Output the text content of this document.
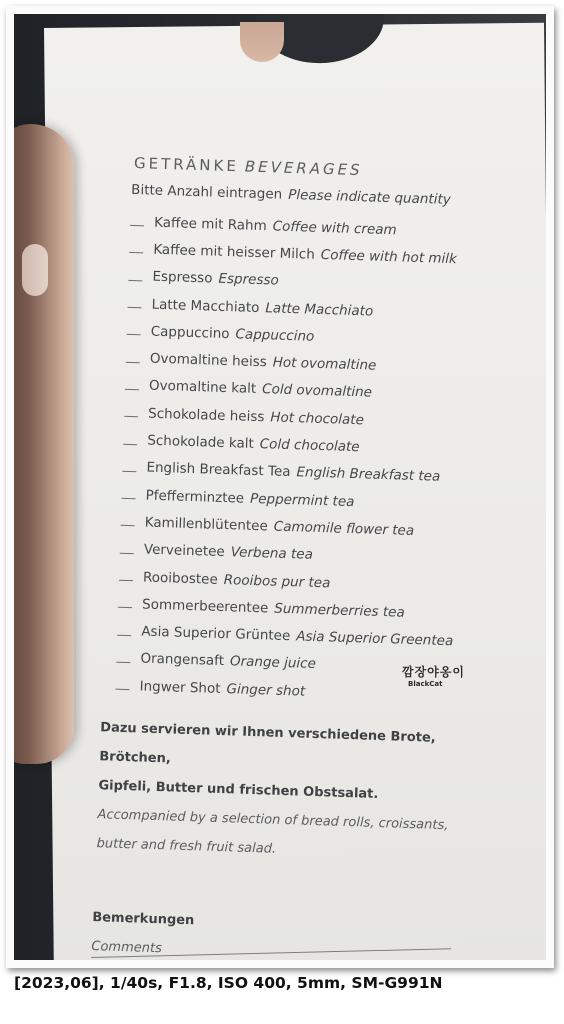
GETRÄNKE BEVERAGES
Bitte Anzahl eintragen Please indicate quantity
Kaffee mit Rahm Coffee with cream
Kaffee mit heisser Milch Coffee with hot milk
Espresso Espresso
Latte Macchiato Latte Macchiato
Cappuccino Cappuccino
Ovomaltine heiss Hot ovomaltine
Ovomaltine kalt Cold ovomaltine
Schokolade heiss Hot chocolate
Schokolade kalt Cold chocolate
English Breakfast Tea English Breakfast tea
Pfefferminztee Peppermint tea
Kamillenblütentee Camomile flower tea
Verveinetee Verbena tea
Rooibostee Rooibos pur tea
Sommerbeerentee Summerberries tea
Asia Superior Grüntee Asia Superior Greentea
Orangensaft Orange juice
Ingwer Shot Ginger shot
Dazu servieren wir Ihnen verschiedene Brote, Brötchen,
Gipfeli, Butter und frischen Obstsalat.
Accompanied by a selection of bread rolls, croissants,
butter and fresh fruit salad.
Bemerkungen
Comments
깜장야옹이
BlackCat
[2023,06], 1/40s, F1.8, ISO 400, 5mm, SM-G991N
